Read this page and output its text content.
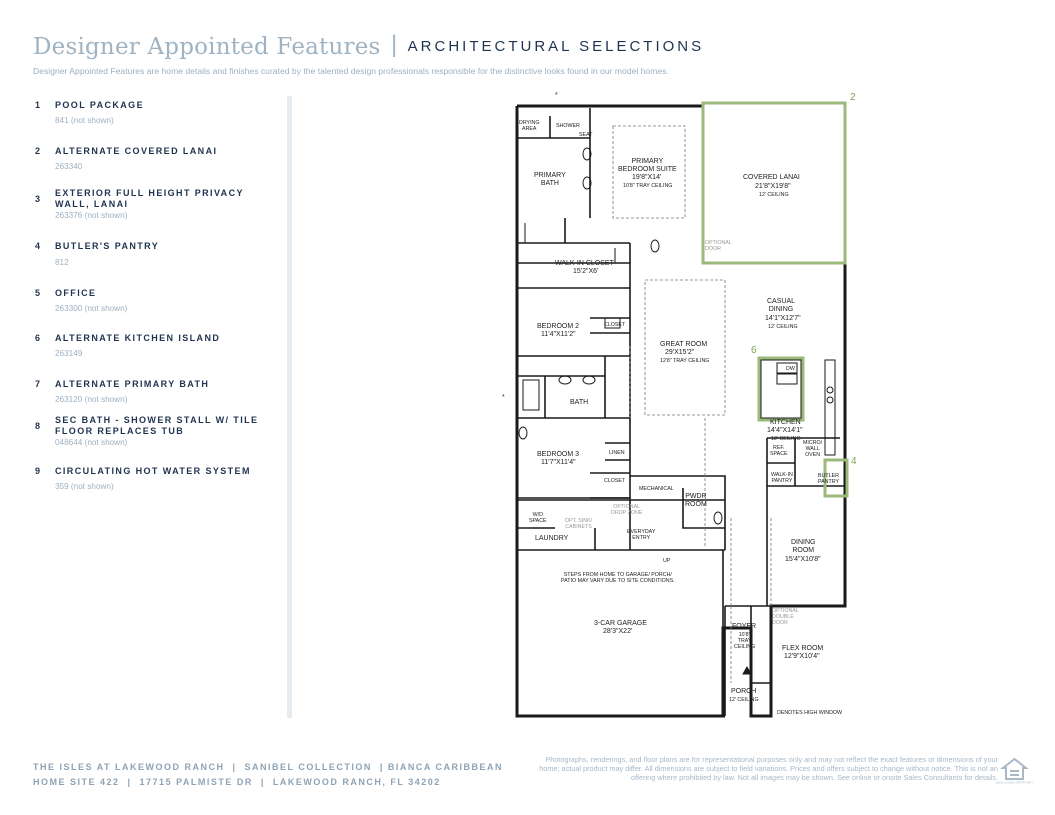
Designer Appointed Features | ARCHITECTURAL SELECTIONS
Designer Appointed Features are home details and finishes curated by the talented design professionals responsible for the distinctive looks found in our model homes.
1 POOL PACKAGE
841 (not shown)
2 ALTERNATE COVERED LANAI
263340
3
EXTERIOR FULL HEIGHT PRIVACY WALL, LANAI
263376 (not shown)
4 BUTLER'S PANTRY
812
5 OFFICE
263300 (not shown)
6 ALTERNATE KITCHEN ISLAND
263149
7 ALTERNATE PRIMARY BATH
263120 (not shown)
8
SEC BATH - SHOWER STALL W/ TILE FLOOR REPLACES TUB
048644 (not shown)
9 CIRCULATING HOT WATER SYSTEM
359 (not shown)
2
4
6
*
*
DRYING
AREA	SHOWER
SEAT
PRIMARY
BATH
PRIMARY
BEDROOM SUITE
19'8"X14'
10'8" TRAY CEILING
COVERED LANAI
21'8"X19'8"
12' CEILING
OPTIONAL
DOOR
WALK-IN CLOSET
15'2"X6'
CASUAL
DINING
14'1"X12'7"
12' CEILING
BEDROOM 2
11'4"X11'2"
CLOSET
GREAT ROOM
29'X15'2"
12'8" TRAY CEILING
DW
BATH
KITCHEN
14'4"X14'1"
12' CEILING
REF.
SPACE
MICRO/
WALL
OVEN
BEDROOM 3
11'7"X11'4"
LINEN
WALK-IN
PANTRY
BUTLER
PANTRY
CLOSET
MECHANICAL
PWDR
ROOM
W/D
SPACE	OPT. SINK/
CABINETS
OPTIONAL
DROP ZONE
EVERYDAY
ENTRY
LAUNDRY
UP
DINING
ROOM
15'4"X10'8"
STEPS FROM HOME TO GARAGE/ PORCH/
PATIO MAY VARY DUE TO SITE CONDITIONS.
3-CAR GARAGE
28'3"X22'
FOYER
10'8"
TRAY
CEILING
OPTIONAL
DOUBLE
DOOR
FLEX ROOM
12'9"X10'4"
PORCH
12' CEILING
*
DENOTES HIGH WINDOW
THE ISLES AT LAKEWOOD RANCH  |  SANIBEL COLLECTION  | BIANCA CARIBBEAN
HOME SITE 422  |  17715 PALMISTE DR  |  LAKEWOOD RANCH, FL 34202
Photographs, renderings, and floor plans are for representational purposes only and may not reflect the exact features or dimensions of your home; actual product may differ. All dimensions are subject to field variations. Prices and offers subject to change without notice. This is not an offering where prohibited by law. Not all images may be shown. See online or onsite Sales Consultants for details.
EQUAL HOUSING OPPORTUNITY
